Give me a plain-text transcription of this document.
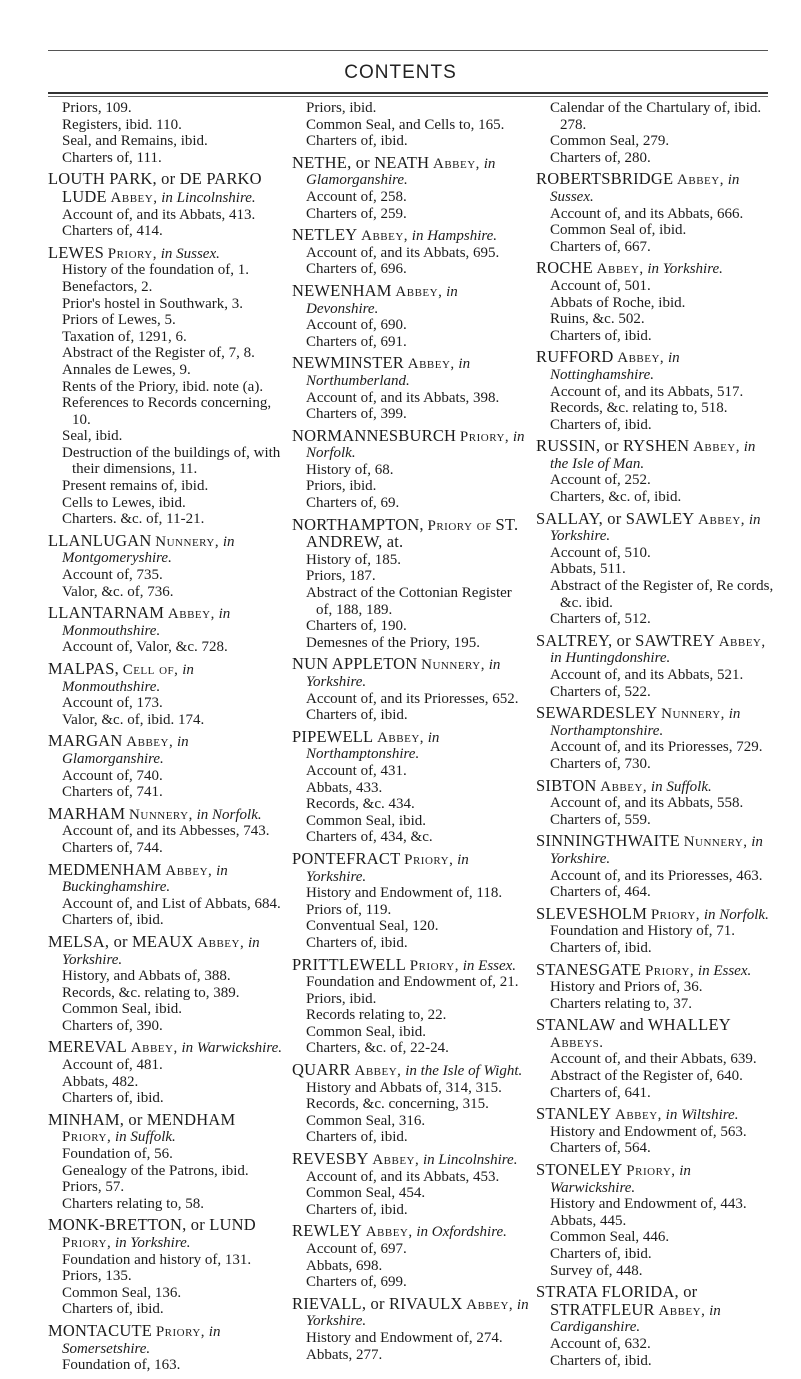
CONTENTS
Priors, 109.
Registers, ibid. 110.
Seal, and Remains, ibid.
Charters of, 111.
LOUTH PARK, or DE PARKO LUDE Abbey, in Lincolnshire.
Account of, and its Abbats, 413.
Charters of, 414.
LEWES Priory, in Sussex.
History of the foundation of, 1.
Benefactors, 2.
Prior's hostel in Southwark, 3.
Priors of Lewes, 5.
Taxation of, 1291, 6.
Abstract of the Register of, 7, 8.
Annales de Lewes, 9.
Rents of the Priory, ibid. note (a).
References to Records concerning, 10.
Seal, ibid.
Destruction of the buildings of, with their dimensions, 11.
Present remains of, ibid.
Cells to Lewes, ibid.
Charters. &c. of, 11-21.
LLANLUGAN Nunnery, in Montgomeryshire.
Account of, 735.
Valor, &c. of, 736.
LLANTARNAM Abbey, in Monmouthshire.
Account of, Valor, &c. 728.
MALPAS, Cell of, in Monmouthshire.
Account of, 173.
Valor, &c. of, ibid. 174.
MARGAN Abbey, in Glamorganshire.
Account of, 740.
Charters of, 741.
MARHAM Nunnery, in Norfolk.
Account of, and its Abbesses, 743.
Charters of, 744.
MEDMENHAM Abbey, in Buckinghamshire.
Account of, and List of Abbats, 684.
Charters of, ibid.
MELSA, or MEAUX Abbey, in Yorkshire.
History, and Abbats of, 388.
Records, &c. relating to, 389.
Common Seal, ibid.
Charters of, 390.
MEREVAL Abbey, in Warwickshire.
Account of, 481.
Abbats, 482.
Charters of, ibid.
MINHAM, or MENDHAM Priory, in Suffolk.
Foundation of, 56.
Genealogy of the Patrons, ibid.
Priors, 57.
Charters relating to, 58.
MONK-BRETTON, or LUND Priory, in Yorkshire.
Foundation and history of, 131.
Priors, 135.
Common Seal, 136.
Charters of, ibid.
MONTACUTE Priory, in Somersetshire.
Foundation of, 163.
Priors, ibid.
Common Seal, and Cells to, 165.
Charters of, ibid.
NETHE, or NEATH Abbey, in Glamorganshire.
Account of, 258.
Charters of, 259.
NETLEY Abbey, in Hampshire.
Account of, and its Abbats, 695.
Charters of, 696.
NEWENHAM Abbey, in Devonshire.
Account of, 690.
Charters of, 691.
NEWMINSTER Abbey, in Northumberland.
Account of, and its Abbats, 398.
Charters of, 399.
NORMANNESBURCH Priory, in Norfolk.
History of, 68.
Priors, ibid.
Charters of, 69.
NORTHAMPTON, Priory of ST. ANDREW, at.
History of, 185.
Priors, 187.
Abstract of the Cottonian Register of, 188, 189.
Charters of, 190.
Demesnes of the Priory, 195.
NUN APPLETON Nunnery, in Yorkshire.
Account of, and its Prioresses, 652.
Charters of, ibid.
PIPEWELL Abbey, in Northamptonshire.
Account of, 431.
Abbats, 433.
Records, &c. 434.
Common Seal, ibid.
Charters of, 434, &c.
PONTEFRACT Priory, in Yorkshire.
History and Endowment of, 118.
Priors of, 119.
Conventual Seal, 120.
Charters of, ibid.
PRITTLEWELL Priory, in Essex.
Foundation and Endowment of, 21.
Priors, ibid.
Records relating to, 22.
Common Seal, ibid.
Charters, &c. of, 22-24.
QUARR Abbey, in the Isle of Wight.
History and Abbats of, 314, 315.
Records, &c. concerning, 315.
Common Seal, 316.
Charters of, ibid.
REVESBY Abbey, in Lincolnshire.
Account of, and its Abbats, 453.
Common Seal, 454.
Charters of, ibid.
REWLEY Abbey, in Oxfordshire.
Account of, 697.
Abbats, 698.
Charters of, 699.
RIEVALL, or RIVAULX Abbey, in Yorkshire.
History and Endowment of, 274.
Abbats, 277.
Calendar of the Chartulary of, ibid. 278.
Common Seal, 279.
Charters of, 280.
ROBERTSBRIDGE Abbey, in Sussex.
Account of, and its Abbats, 666.
Common Seal of, ibid.
Charters of, 667.
ROCHE Abbey, in Yorkshire.
Account of, 501.
Abbats of Roche, ibid.
Ruins, &c. 502.
Charters of, ibid.
RUFFORD Abbey, in Nottinghamshire.
Account of, and its Abbats, 517.
Records, &c. relating to, 518.
Charters of, ibid.
RUSSIN, or RYSHEN Abbey, in the Isle of Man.
Account of, 252.
Charters, &c. of, ibid.
SALLAY, or SAWLEY Abbey, in Yorkshire.
Account of, 510.
Abbats, 511.
Abstract of the Register of, Re cords, &c. ibid.
Charters of, 512.
SALTREY, or SAWTREY Abbey, in Huntingdonshire.
Account of, and its Abbats, 521.
Charters of, 522.
SEWARDESLEY Nunnery, in Northamptonshire.
Account of, and its Prioresses, 729.
Charters of, 730.
SIBTON Abbey, in Suffolk.
Account of, and its Abbats, 558.
Charters of, 559.
SINNINGTHWAITE Nunnery, in Yorkshire.
Account of, and its Prioresses, 463.
Charters of, 464.
SLEVESHOLM Priory, in Norfolk.
Foundation and History of, 71.
Charters of, ibid.
STANESGATE Priory, in Essex.
History and Priors of, 36.
Charters relating to, 37.
STANLAW and WHALLEY Abbeys.
Account of, and their Abbats, 639.
Abstract of the Register of, 640.
Charters of, 641.
STANLEY Abbey, in Wiltshire.
History and Endowment of, 563.
Charters of, 564.
STONELEY Priory, in Warwickshire.
History and Endowment of, 443.
Abbats, 445.
Common Seal, 446.
Charters of, ibid.
Survey of, 448.
STRATA FLORIDA, or STRATFLEUR Abbey, in Cardiganshire.
Account of, 632.
Charters of, ibid.
